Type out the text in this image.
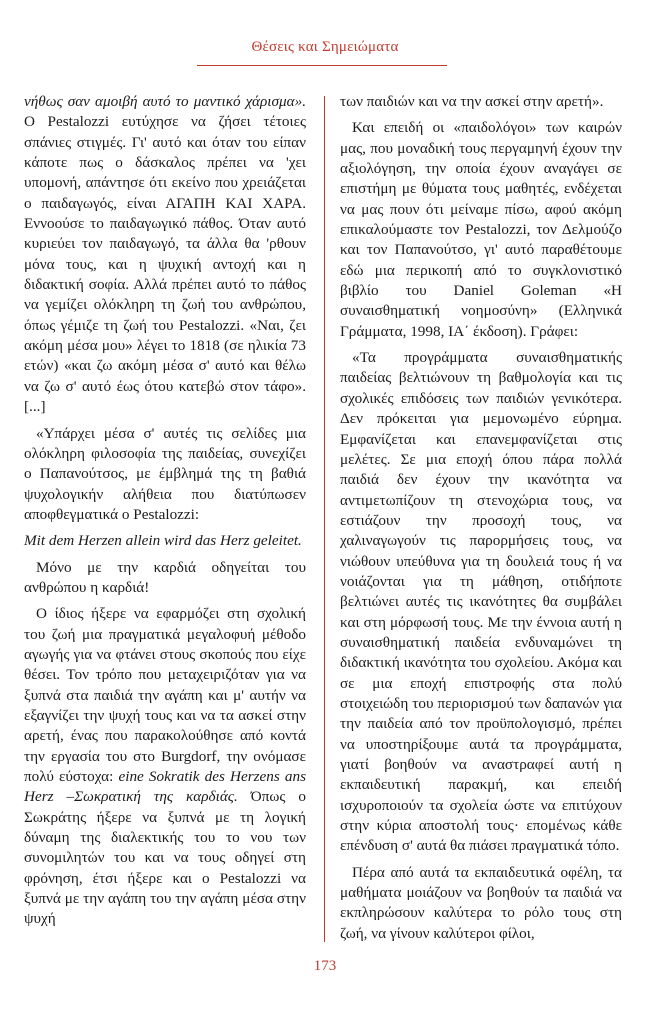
Θέσεις και Σημειώματα

νήθως σαν αμοιβή αυτό το μαντικό χάρισμα». Ο Pestalozzi ευτύχησε να ζήσει τέτοιες σπάνιες στιγμές. Γι' αυτό και όταν του είπαν κάποτε πως ο δάσκαλος πρέπει να 'χει υπομονή, απάντησε ότι εκείνο που χρειάζεται ο παιδαγωγός, είναι ΑΓΑΠΗ ΚΑΙ ΧΑΡΑ. Εννοούσε το παιδαγωγικό πάθος. Όταν αυτό κυριεύει τον παιδαγωγό, τα άλλα θα 'ρθουν μόνα τους, και η ψυχική αντοχή και η διδακτική σοφία. Αλλά πρέπει αυτό το πάθος να γεμίζει ολόκληρη τη ζωή του ανθρώπου, όπως γέμιζε τη ζωή του Pestalozzi. «Ναι, ζει ακόμη μέσα μου» λέγει το 1818 (σε ηλικία 73 ετών) «και ζω ακόμη μέσα σ' αυτό και θέλω να ζω σ' αυτό έως ότου κατεβώ στον τάφο». [...]

«Υπάρχει μέσα σ' αυτές τις σελίδες μια ολόκληρη φιλοσοφία της παιδείας, συνεχίζει ο Παπανούτσος, με έμβλημά της τη βαθιά ψυχολογικήν αλήθεια που διατύπωσεν αποφθεγματικά ο Pestalozzi:

Mit dem Herzen allein wird das Herz geleitet.

Μόνο με την καρδιά οδηγείται του ανθρώπου η καρδιά!

Ο ίδιος ήξερε να εφαρμόζει στη σχολική του ζωή μια πραγματικά μεγαλοφυή μέθοδο αγωγής για να φτάνει στους σκοπούς που είχε θέσει. Τον τρόπο που μεταχειριζόταν για να ξυπνά στα παιδιά την αγάπη και μ' αυτήν να εξαγνίζει την ψυχή τους και να τα ασκεί στην αρετή, ένας που παρακολούθησε από κοντά την εργασία του στο Burgdorf, την ονόμασε πολύ εύστοχα: eine Sokratik des Herzens ans Herz –Σωκρατική της καρδιάς. Όπως ο Σωκράτης ήξερε να ξυπνά με τη λογική δύναμη της διαλεκτικής του το νου των συνομιλητών του και να τους οδηγεί στη φρόνηση, έτσι ήξερε και ο Pestalozzi να ξυπνά με την αγάπη του την αγάπη μέσα στην ψυχή

των παιδιών και να την ασκεί στην αρετή».

Και επειδή οι «παιδολόγοι» των καιρών μας, που μοναδική τους περγαμηνή έχουν την αξιολόγηση, την οποία έχουν αναγάγει σε επιστήμη με θύματα τους μαθητές, ενδέχεται να μας πουν ότι μείναμε πίσω, αφού ακόμη επικαλούμαστε τον Pestalozzi, τον Δελμούζο και τον Παπανούτσο, γι' αυτό παραθέτουμε εδώ μια περικοπή από το συγκλονιστικό βιβλίο του Daniel Goleman «Η συναισθηματική νοημοσύνη» (Ελληνικά Γράμματα, 1998, ΙΑ΄ έκδοση). Γράφει:

«Τα προγράμματα συναισθηματικής παιδείας βελτιώνουν τη βαθμολογία και τις σχολικές επιδόσεις των παιδιών γενικότερα. Δεν πρόκειται για μεμονωμένο εύρημα. Εμφανίζεται και επανεμφανίζεται στις μελέτες. Σε μια εποχή όπου πάρα πολλά παιδιά δεν έχουν την ικανότητα να αντιμετωπίζουν τη στενοχώρια τους, να εστιάζουν την προσοχή τους, να χαλιναγωγούν τις παρορμήσεις τους, να νιώθουν υπεύθυνα για τη δουλειά τους ή να νοιάζονται για τη μάθηση, οτιδήποτε βελτιώνει αυτές τις ικανότητες θα συμβάλει και στη μόρφωσή τους. Με την έννοια αυτή η συναισθηματική παιδεία ενδυναμώνει τη διδακτική ικανότητα του σχολείου. Ακόμα και σε μια εποχή επιστροφής στα πολύ στοιχειώδη του περιορισμού των δαπανών για την παιδεία από τον προϋπολογισμό, πρέπει να υποστηρίξουμε αυτά τα προγράμματα, γιατί βοηθούν να αναστραφεί αυτή η εκπαιδευτική παρακμή, και επειδή ισχυροποιούν τα σχολεία ώστε να επιτύχουν στην κύρια αποστολή τους· επομένως κάθε επένδυση σ' αυτά θα πιάσει πραγματικά τόπο.

Πέρα από αυτά τα εκπαιδευτικά οφέλη, τα μαθήματα μοιάζουν να βοηθούν τα παιδιά να εκπληρώσουν καλύτερα το ρόλο τους στη ζωή, να γίνουν καλύτεροι φίλοι,

173
